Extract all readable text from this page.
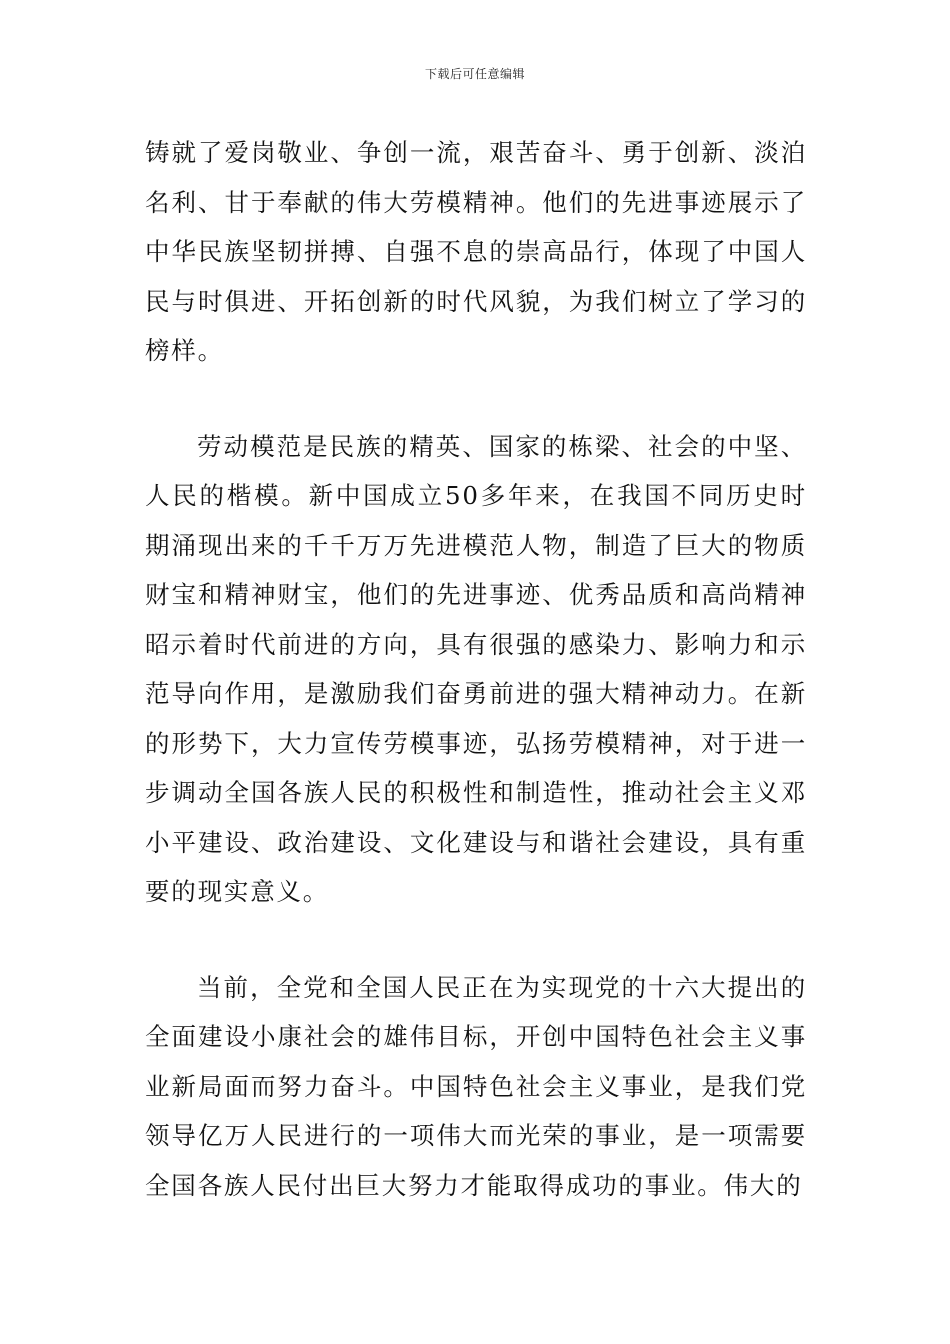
下载后可任意编辑

铸就了爱岗敬业、争创一流，艰苦奋斗、勇于创新、淡泊名利、甘于奉献的伟大劳模精神。他们的先进事迹展示了中华民族坚韧拼搏、自强不息的崇高品行，体现了中国人民与时俱进、开拓创新的时代风貌，为我们树立了学习的榜样。

劳动模范是民族的精英、国家的栋梁、社会的中坚、人民的楷模。新中国成立50多年来，在我国不同历史时期涌现出来的千千万万先进模范人物，制造了巨大的物质财宝和精神财宝，他们的先进事迹、优秀品质和高尚精神昭示着时代前进的方向，具有很强的感染力、影响力和示范导向作用，是激励我们奋勇前进的强大精神动力。在新的形势下，大力宣传劳模事迹，弘扬劳模精神，对于进一步调动全国各族人民的积极性和制造性，推动社会主义邓小平建设、政治建设、文化建设与和谐社会建设，具有重要的现实意义。

当前，全党和全国人民正在为实现党的十六大提出的全面建设小康社会的雄伟目标，开创中国特色社会主义事业新局面而努力奋斗。中国特色社会主义事业，是我们党领导亿万人民进行的一项伟大而光荣的事业，是一项需要全国各族人民付出巨大努力才能取得成功的事业。伟大的
